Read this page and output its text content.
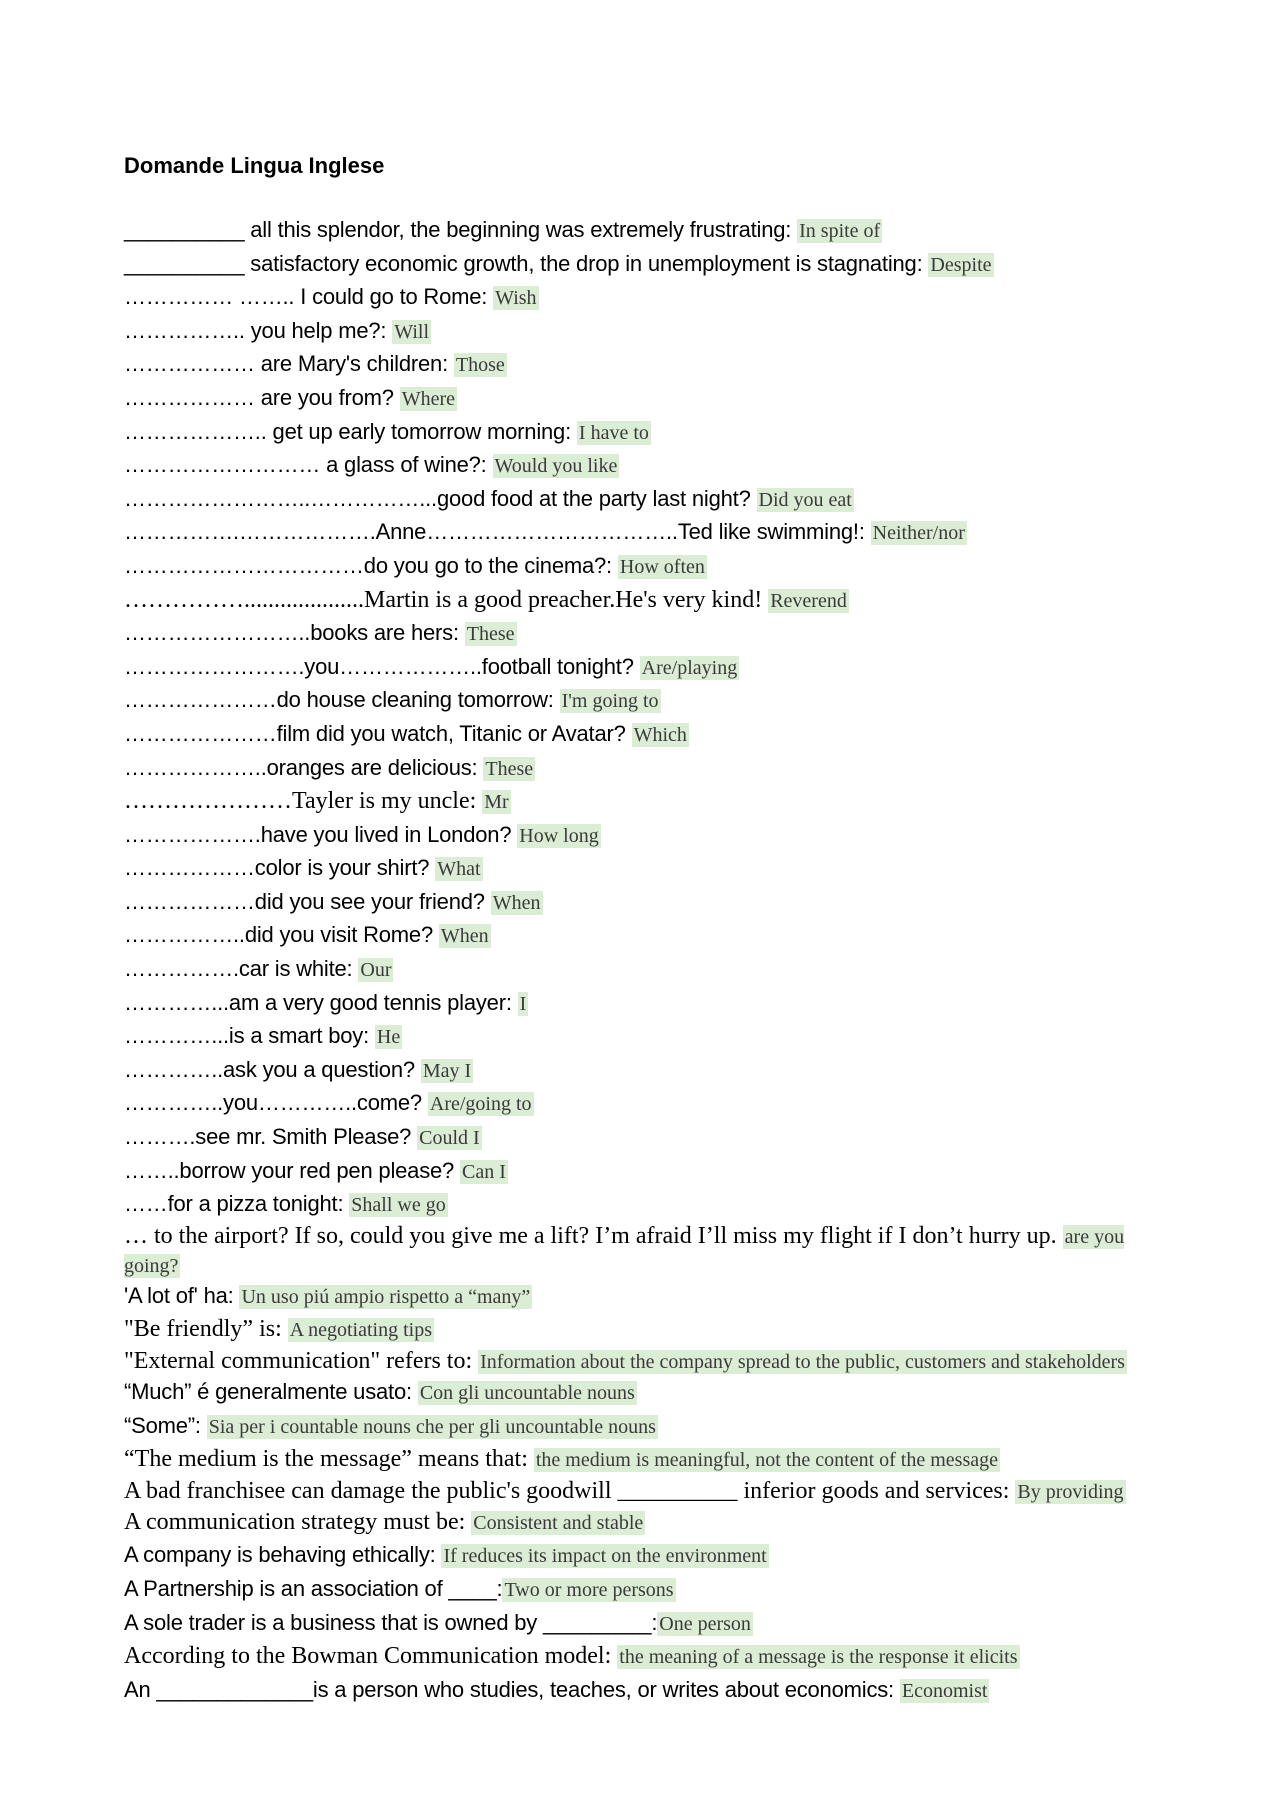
Domande Lingua Inglese
__________ all this splendor, the beginning was extremely frustrating: In spite of
__________ satisfactory economic growth, the drop in unemployment is stagnating: Despite
…………… …….. I could go to Rome: Wish
…………….. you help me?: Will
……………… are Mary's children: Those
……………… are you from? Where
……………….. get up early tomorrow morning: I have to
……………………… a glass of wine?: Would you like
……………………..……………...good food at the party last night? Did you eat
…………….……………….Anne……………………………..Ted like swimming!: Neither/nor
……………………………do you go to the cinema?: How often
……………....................Martin is a good preacher.He's very kind! Reverend
……………………..books are hers: These
…………………….you………………..football tonight? Are/playing
…………………do house cleaning tomorrow: I'm going to
…………………film did you watch, Titanic or Avatar? Which
………………..oranges are delicious: These
…………………Tayler is my uncle: Mr
……………….have you lived in London? How long
………………color is your shirt? What
………………did you see your friend? When
……………..did you visit Rome? When
…………….car is white: Our
…………...am a very good tennis player: I
…………...is a smart boy: He
…………..ask you a question? May I
…………..you…………..come? Are/going to
……….see mr. Smith Please? Could I
……..borrow your red pen please? Can I
……for a pizza tonight: Shall we go
… to the airport? If so, could you give me a lift? I’m afraid I’ll miss my flight if I don’t hurry up. are you going?
'A lot of' ha: Un uso piú ampio rispetto a “many”
"Be friendly” is: A negotiating tips
"External communication" refers to: Information about the company spread to the public, customers and stakeholders
“Much” é generalmente usato: Con gli uncountable nouns
“Some”: Sia per i countable nouns che per gli uncountable nouns
“The medium is the message” means that: the medium is meaningful, not the content of the message
A bad franchisee can damage the public's goodwill __________ inferior goods and services: By providing
A communication strategy must be: Consistent and stable
A company is behaving ethically: If reduces its impact on the environment
A Partnership is an association of ____: Two or more persons
A sole trader is a business that is owned by _________: One person
According to the Bowman Communication model: the meaning of a message is the response it elicits
An _____________is a person who studies, teaches, or writes about economics: Economist
